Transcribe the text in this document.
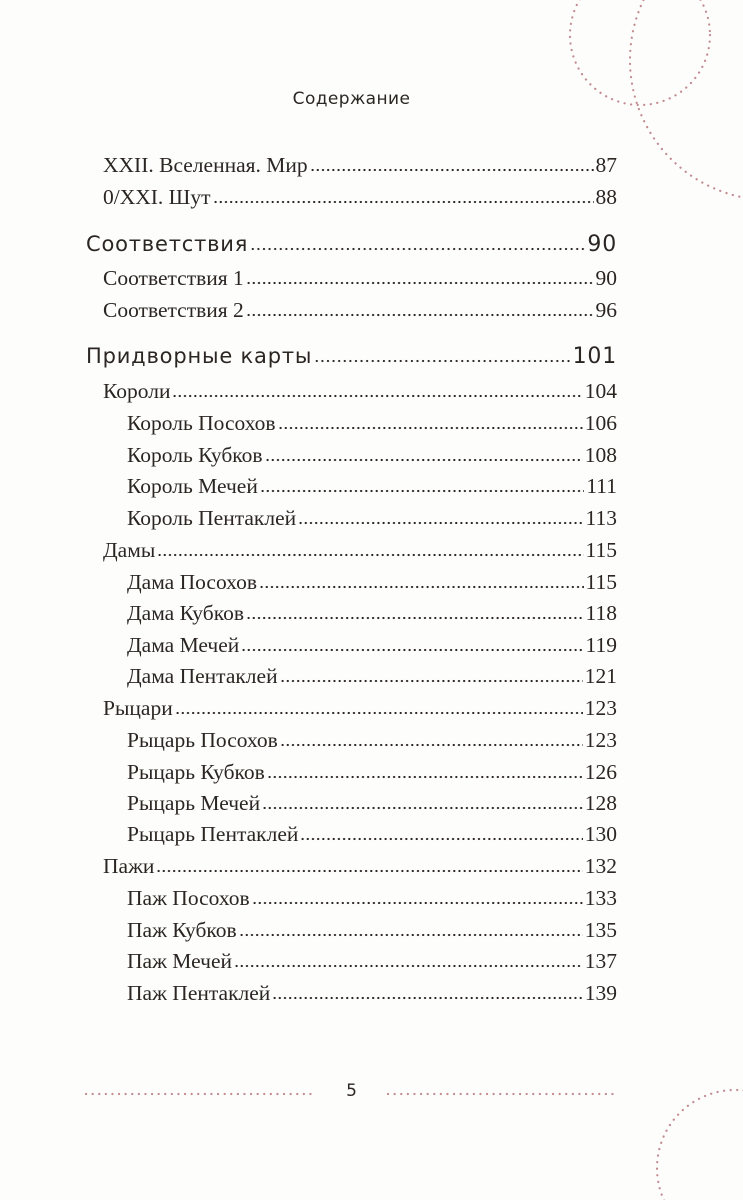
Содержание
XXII. Вселенная. Мир	87
0/XXI. Шут	88
Соответствия	90
Соответствия 1	90
Соответствия 2	96
Придворные карты	101
Короли	104
Король Посохов	106
Король Кубков	108
Король Мечей	111
Король Пентаклей	113
Дамы	115
Дама Посохов	115
Дама Кубков	118
Дама Мечей	119
Дама Пентаклей	121
Рыцари	123
Рыцарь Посохов	123
Рыцарь Кубков	126
Рыцарь Мечей	128
Рыцарь Пентаклей	130
Пажи	132
Паж Посохов	133
Паж Кубков	135
Паж Мечей	137
Паж Пентаклей	139
5
